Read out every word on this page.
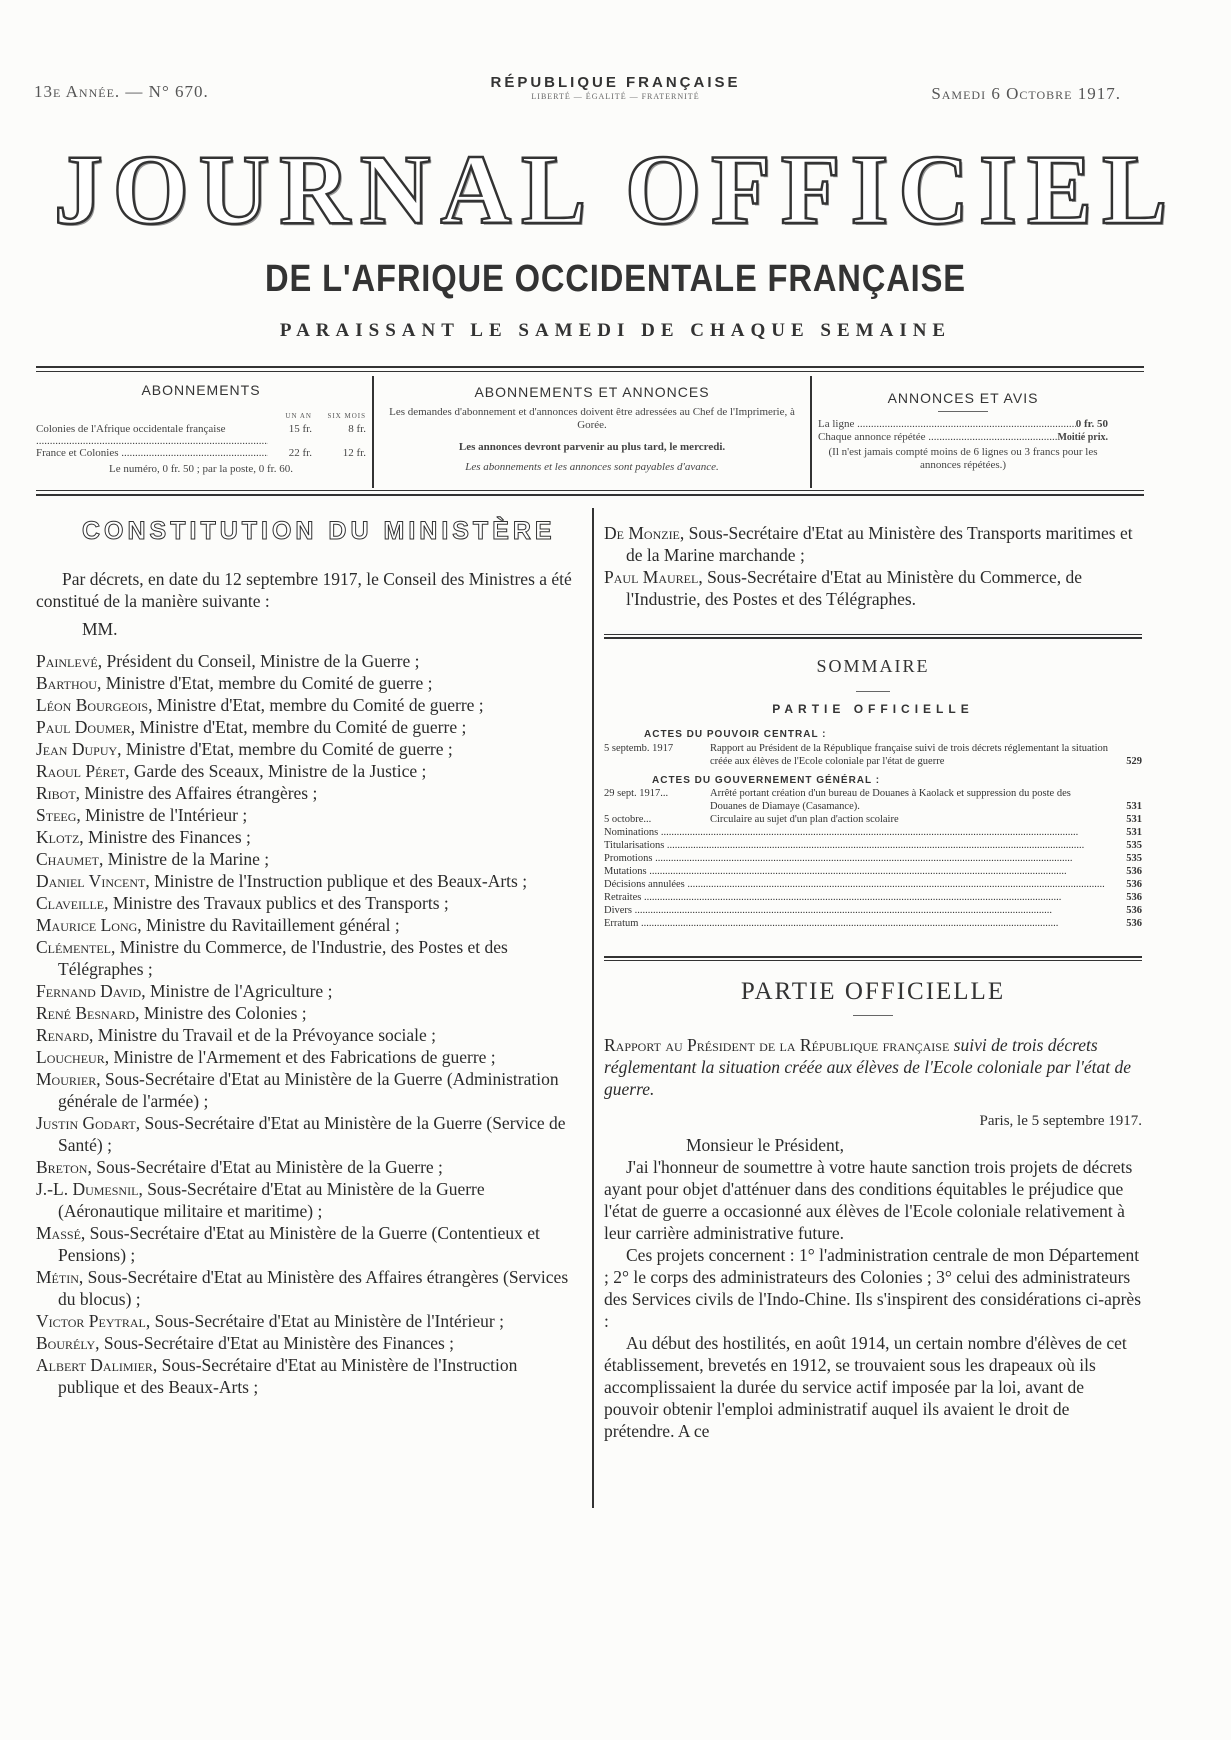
13e Année. — N° 670.	RÉPUBLIQUE FRANÇAISE
LIBERTÉ — ÉGALITÉ — FRATERNITÉ	Samedi 6 Octobre 1917.
JOURNAL OFFICIEL
DE L'AFRIQUE OCCIDENTALE FRANÇAISE
PARAISSANT LE SAMEDI DE CHAQUE SEMAINE
ABONNEMENTS
UN AN	SIX MOIS
Colonies de l'Afrique occidentale française .....	15 fr.	8 fr.
France et Colonies .....	22 fr.	12 fr.
Le numéro, 0 fr. 50 ; par la poste, 0 fr. 60.
ABONNEMENTS ET ANNONCES
Les demandes d'abonnement et d'annonces doivent être adressées au Chef de l'Imprimerie, à Gorée.
Les annonces devront parvenir au plus tard, le mercredi.
Les abonnements et les annonces sont payables d'avance.
ANNONCES ET AVIS
La ligne .....	0 fr. 50
Chaque annonce répétée .....	Moitié prix.
(Il n'est jamais compté moins de 6 lignes ou 3 francs pour les annonces répétées.)
CONSTITUTION DU MINISTÈRE

Par décrets, en date du 12 septembre 1917, le Conseil des Ministres a été constitué de la manière suivante :

MM.

Painlevé, Président du Conseil, Ministre de la Guerre ;

Barthou, Ministre d'Etat, membre du Comité de guerre ;

Léon Bourgeois, Ministre d'Etat, membre du Comité de guerre ;

Paul Doumer, Ministre d'Etat, membre du Comité de guerre ;

Jean Dupuy, Ministre d'Etat, membre du Comité de guerre ;

Raoul Péret, Garde des Sceaux, Ministre de la Justice ;

Ribot, Ministre des Affaires étrangères ;

Steeg, Ministre de l'Intérieur ;

Klotz, Ministre des Finances ;

Chaumet, Ministre de la Marine ;

Daniel Vincent, Ministre de l'Instruction publique et des Beaux-Arts ;

Claveille, Ministre des Travaux publics et des Transports ;

Maurice Long, Ministre du Ravitaillement général ;

Clémentel, Ministre du Commerce, de l'Industrie, des Postes et des Télégraphes ;

Fernand David, Ministre de l'Agriculture ;

René Besnard, Ministre des Colonies ;

Renard, Ministre du Travail et de la Prévoyance sociale ;

Loucheur, Ministre de l'Armement et des Fabrications de guerre ;

Mourier, Sous-Secrétaire d'Etat au Ministère de la Guerre (Administration générale de l'armée) ;

Justin Godart, Sous-Secrétaire d'Etat au Ministère de la Guerre (Service de Santé) ;

Breton, Sous-Secrétaire d'Etat au Ministère de la Guerre ;

J.-L. Dumesnil, Sous-Secrétaire d'Etat au Ministère de la Guerre (Aéronautique militaire et maritime) ;

Massé, Sous-Secrétaire d'Etat au Ministère de la Guerre (Contentieux et Pensions) ;

Métin, Sous-Secrétaire d'Etat au Ministère des Affaires étrangères (Services du blocus) ;

Victor Peytral, Sous-Secrétaire d'Etat au Ministère de l'Intérieur ;

Bourély, Sous-Secrétaire d'Etat au Ministère des Finances ;

Albert Dalimier, Sous-Secrétaire d'Etat au Ministère de l'Instruction publique et des Beaux-Arts ;

De Monzie, Sous-Secrétaire d'Etat au Ministère des Transports maritimes et de la Marine marchande ;

Paul Maurel, Sous-Secrétaire d'Etat au Ministère du Commerce, de l'Industrie, des Postes et des Télégraphes.

SOMMAIRE
PARTIE OFFICIELLE
ACTES DU POUVOIR CENTRAL :
5 septemb. 1917	Rapport au Président de la République française suivi de trois décrets réglementant la situation créée aux élèves de l'Ecole coloniale par l'état de guerre	529
ACTES DU GOUVERNEMENT GÉNÉRAL :
29 sept. 1917...	Arrêté portant création d'un bureau de Douanes à Kaolack et suppression du poste des Douanes de Diamaye (Casamance).	531
5 octobre...	Circulaire au sujet d'un plan d'action scolaire	531
Nominations .....	531
Titularisations .....	535
Promotions .....	535
Mutations .....	536
Décisions annulées .....	536
Retraites .....	536
Divers .....	536
Erratum .....	536
PARTIE OFFICIELLE

Rapport au Président de la République française suivi de trois décrets réglementant la situation créée aux élèves de l'Ecole coloniale par l'état de guerre.

Paris, le 5 septembre 1917.

Monsieur le Président,

J'ai l'honneur de soumettre à votre haute sanction trois projets de décrets ayant pour objet d'atténuer dans des conditions équitables le préjudice que l'état de guerre a occasionné aux élèves de l'Ecole coloniale relativement à leur carrière administrative future.

Ces projets concernent : 1° l'administration centrale de mon Département ; 2° le corps des administrateurs des Colonies ; 3° celui des administrateurs des Services civils de l'Indo-Chine. Ils s'inspirent des considérations ci-après :

Au début des hostilités, en août 1914, un certain nombre d'élèves de cet établissement, brevetés en 1912, se trouvaient sous les drapeaux où ils accomplissaient la durée du service actif imposée par la loi, avant de pouvoir obtenir l'emploi administratif auquel ils avaient le droit de prétendre. A ce
